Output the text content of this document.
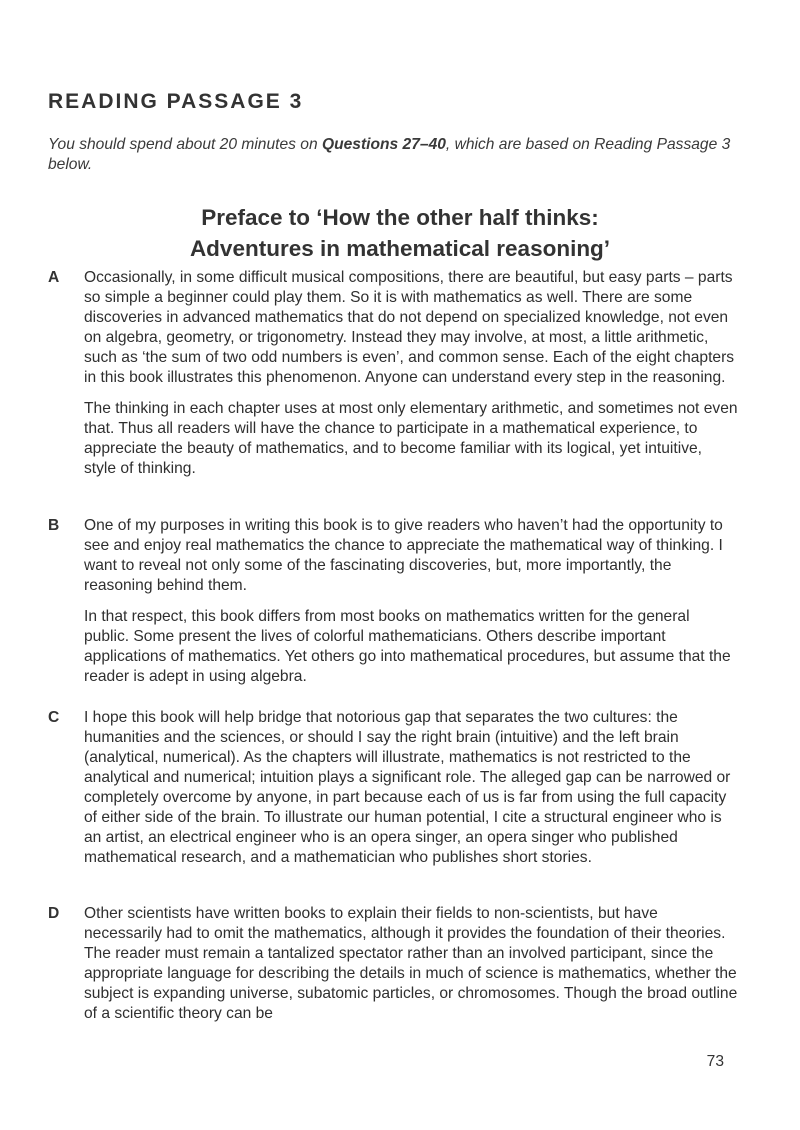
READING PASSAGE 3
You should spend about 20 minutes on Questions 27–40, which are based on Reading Passage 3 below.
Preface to ‘How the other half thinks:
Adventures in mathematical reasoning’
A Occasionally, in some difficult musical compositions, there are beautiful, but easy parts – parts so simple a beginner could play them. So it is with mathematics as well. There are some discoveries in advanced mathematics that do not depend on specialized knowledge, not even on algebra, geometry, or trigonometry. Instead they may involve, at most, a little arithmetic, such as ‘the sum of two odd numbers is even’, and common sense. Each of the eight chapters in this book illustrates this phenomenon. Anyone can understand every step in the reasoning.

The thinking in each chapter uses at most only elementary arithmetic, and sometimes not even that. Thus all readers will have the chance to participate in a mathematical experience, to appreciate the beauty of mathematics, and to become familiar with its logical, yet intuitive, style of thinking.

B One of my purposes in writing this book is to give readers who haven’t had the opportunity to see and enjoy real mathematics the chance to appreciate the mathematical way of thinking. I want to reveal not only some of the fascinating discoveries, but, more importantly, the reasoning behind them.

In that respect, this book differs from most books on mathematics written for the general public. Some present the lives of colorful mathematicians. Others describe important applications of mathematics. Yet others go into mathematical procedures, but assume that the reader is adept in using algebra.

C I hope this book will help bridge that notorious gap that separates the two cultures: the humanities and the sciences, or should I say the right brain (intuitive) and the left brain (analytical, numerical). As the chapters will illustrate, mathematics is not restricted to the analytical and numerical; intuition plays a significant role. The alleged gap can be narrowed or completely overcome by anyone, in part because each of us is far from using the full capacity of either side of the brain. To illustrate our human potential, I cite a structural engineer who is an artist, an electrical engineer who is an opera singer, an opera singer who published mathematical research, and a mathematician who publishes short stories.

D Other scientists have written books to explain their fields to non-scientists, but have necessarily had to omit the mathematics, although it provides the foundation of their theories. The reader must remain a tantalized spectator rather than an involved participant, since the appropriate language for describing the details in much of science is mathematics, whether the subject is expanding universe, subatomic particles, or chromosomes. Though the broad outline of a scientific theory can be

73
